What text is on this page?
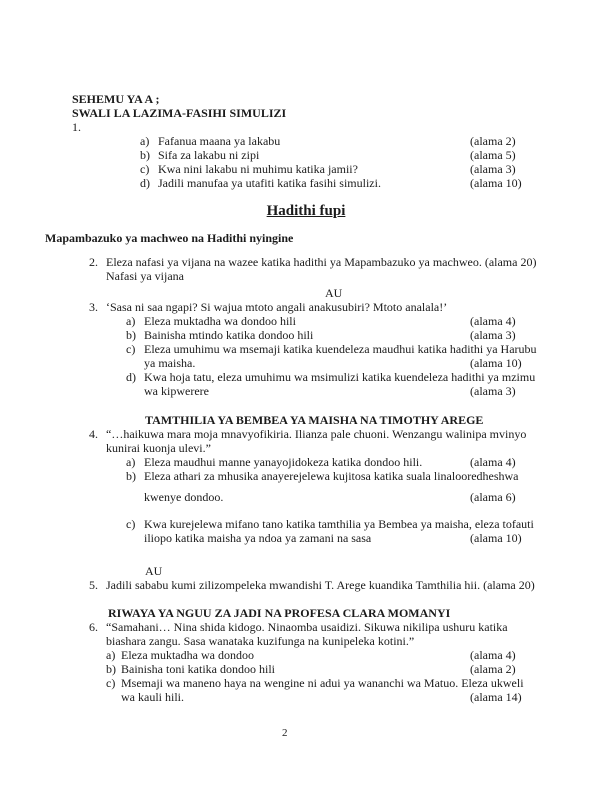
SEHEMU YA A ;
SWALI LA LAZIMA-FASIHI SIMULIZI
1.
a) Fafanua maana ya lakabu	(alama 2)
b) Sifa za lakabu ni zipi	(alama 5)
c) Kwa nini lakabu ni muhimu katika jamii?	(alama 3)
d) Jadili manufaa ya utafiti katika fasihi simulizi.	(alama 10)
Hadithi fupi
Mapambazuko ya machweo na Hadithi nyingine
2. Eleza nafasi ya vijana na wazee katika hadithi ya Mapambazuko ya machweo. (alama 20)
Nafasi ya vijana
AU
3. ‘Sasa ni saa ngapi? Si wajua mtoto angali anakusubiri? Mtoto analala!’
a) Eleza muktadha wa dondoo hili	(alama 4)
b) Bainisha mtindo katika dondoo hili	(alama 3)
c) Eleza umuhimu wa msemaji katika kuendeleza maudhui katika hadithi ya Harubu
ya maisha.	(alama 10)
d) Kwa hoja tatu, eleza umuhimu wa msimulizi katika kuendeleza hadithi ya mzimu
wa kipwerere	(alama 3)
TAMTHILIA YA BEMBEA YA MAISHA NA TIMOTHY AREGE
4. “…haikuwa mara moja mnavyofikiria. Ilianza pale chuoni. Wenzangu walinipa mvinyo
kunirai kuonja ulevi.”
a) Eleza maudhui manne yanayojidokeza katika dondoo hili.	(alama 4)
b) Eleza athari za mhusika anayerejelewa kujitosa katika suala linalooredheshwa
kwenye dondoo.	(alama 6)
c) Kwa kurejelewa mifano tano katika tamthilia ya Bembea ya maisha, eleza tofauti
iliopo katika maisha ya ndoa ya zamani na sasa	(alama 10)
AU
5. Jadili sababu kumi zilizompeleka mwandishi T. Arege kuandika Tamthilia hii. (alama 20)
RIWAYA YA NGUU ZA JADI NA PROFESA CLARA MOMANYI
6. “Samahani… Nina shida kidogo. Ninaomba usaidizi. Sikuwa nikilipa ushuru katika
biashara zangu. Sasa wanataka kuzifunga na kunipeleka kotini.”
a) Eleza muktadha wa dondoo	(alama 4)
b) Bainisha toni katika dondoo hili	(alama 2)
c) Msemaji wa maneno haya na wengine ni adui ya wananchi wa Matuo. Eleza ukweli
wa kauli hili.	(alama 14)
2
